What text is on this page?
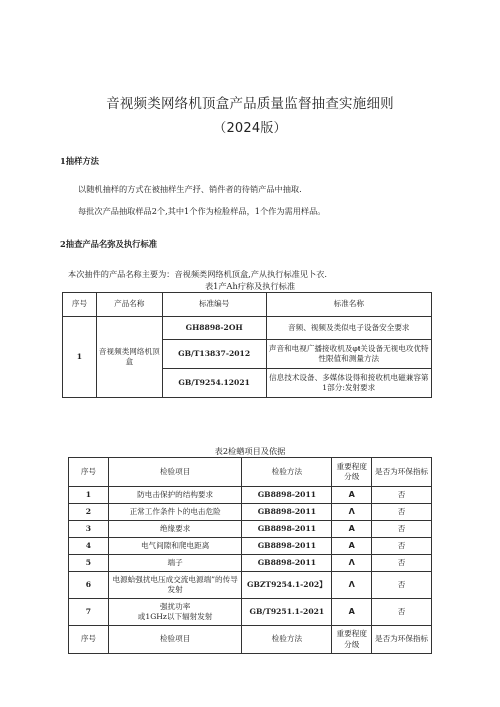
音视频类网络机顶盒产品质量监督抽查实施细则
（2024版）
1抽样方法
以随机抽样的方式在被抽样生产抒、销件者的待销产品中抽取.
每批次产品抽取样品2个,其中1个作为检脸样品，1个作为需用样品。
2抽查产品名弥及执行标准
本次抽件的产品名称主要为：音视频类网络机顶盒,产从执行标准见卜衣.
表1产Ah疔称及执行标准
序号	产品名称	标准编号	标准名称
1	音视频类网络机顶盒	GH8898-2OH	音频、视频及类似电子设备安全要求
		GB/T13837-2012	声音和电视广播接收机及φ𝐭关设备无视电攻优特性限值和测量方法
		GB/T9254.12021	信息技术设备、多媒体设得和接收机电磁兼容第1部分:发射要求
表2检蝤项目及依据
序号	检验项目	检验方法	重要程度分级	是否为环保指标
1	防电击保护的结构要求	GB8898-2011	A	否
2	正常工作条件卜的电击危险	GB8898-2011	Λ	否
3	绝缘要求	GB8898-2011	A	否
4	电气间隙和爬电距离	GB8898-2011	A	否
5	端子	GB8898-2011	Λ	否
6	电源蛤强扰电压成交流电源端”的传导发射	GBZT9254.1-202】	Λ	否
7	强扰功率
或1GHz以下辐射发射	GB/T9251.1-2021	A	否
序号	检验项目	检验方法	重要程度分级	是否为环保指标
